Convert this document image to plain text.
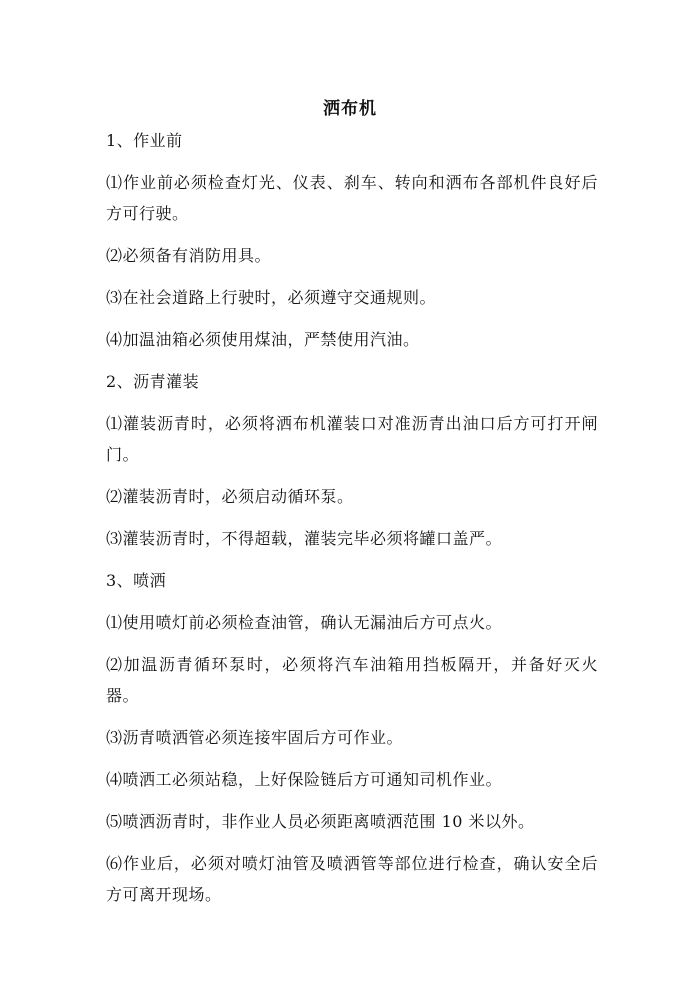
洒布机

1、作业前

⑴作业前必须检查灯光、仪表、刹车、转向和洒布各部机件良好后方可行驶。

⑵必须备有消防用具。

⑶在社会道路上行驶时，必须遵守交通规则。

⑷加温油箱必须使用煤油，严禁使用汽油。

2、沥青灌装

⑴灌装沥青时，必须将洒布机灌装口对准沥青出油口后方可打开闸门。

⑵灌装沥青时，必须启动循环泵。

⑶灌装沥青时，不得超载，灌装完毕必须将罐口盖严。

3、喷洒

⑴使用喷灯前必须检查油管，确认无漏油后方可点火。

⑵加温沥青循环泵时，必须将汽车油箱用挡板隔开，并备好灭火器。

⑶沥青喷洒管必须连接牢固后方可作业。

⑷喷洒工必须站稳，上好保险链后方可通知司机作业。

⑸喷洒沥青时，非作业人员必须距离喷洒范围 10 米以外。

⑹作业后，必须对喷灯油管及喷洒管等部位进行检查，确认安全后方可离开现场。
